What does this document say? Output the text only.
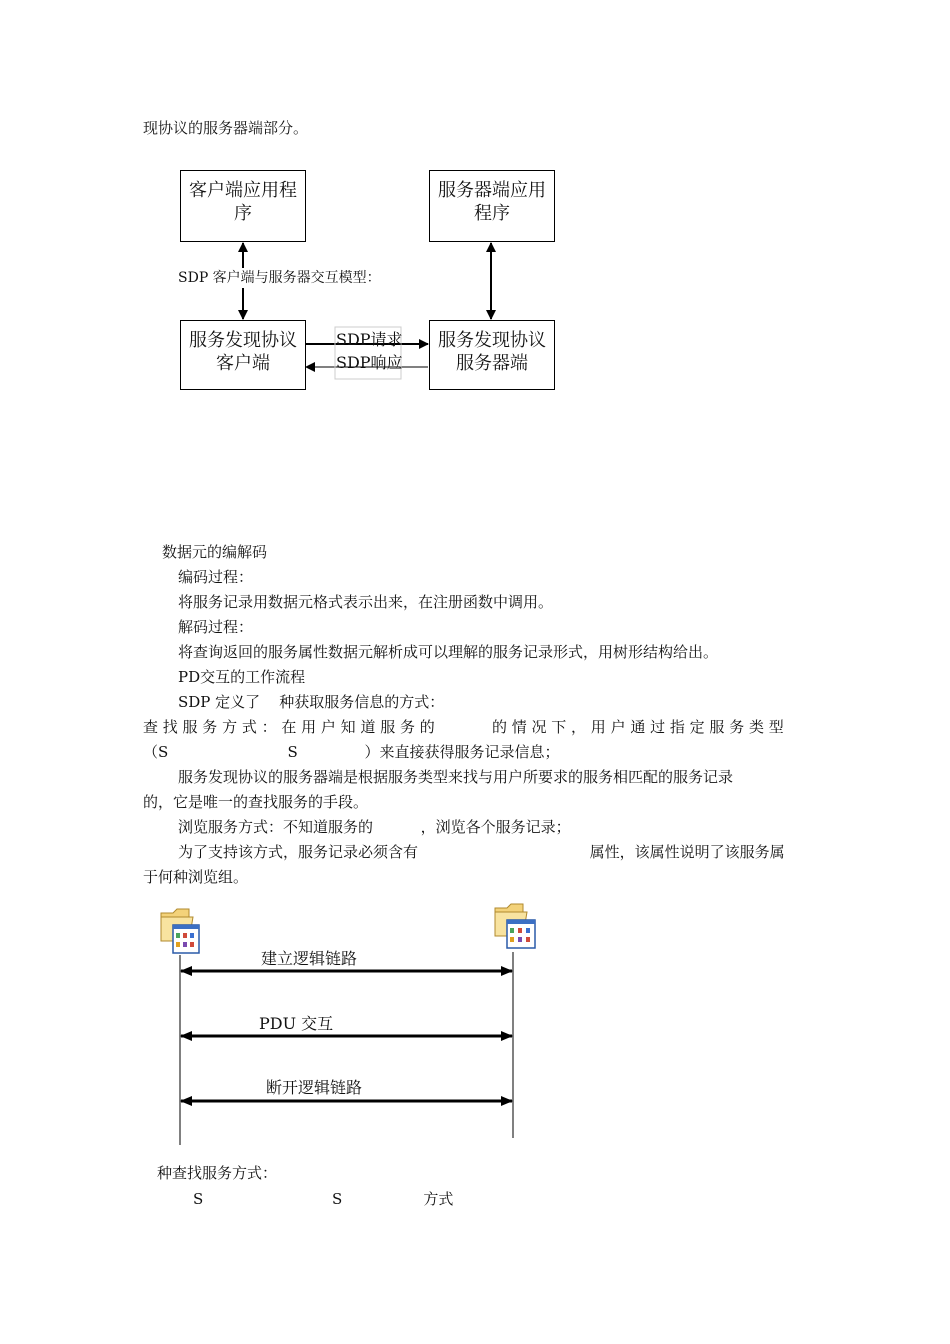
现协议的服务器端部分。
客户端应用程
序
服务器端应用
程序
SDP 客户端与服务器交互模型：
服务发现协议
客户端
服务发现协议
服务器端
SDP请求
SDP响应
数据元的编解码
编码过程：
将服务记录用数据元格式表示出来，在注册函数中调用。
解码过程：
将查询返回的服务属性数据元解析成可以理解的服务记录形式，用树形结构给出。
PD交互的工作流程
SDP 定义了    种获取服务信息的方式：
查 找 服 务 方 式 ： 在 用 户 知 道 服 务 的            的 情 况 下 ， 用 户 通 过 指 定 服 务 类 型
（S                         S              ）来直接获得服务记录信息；
服务发现协议的服务器端是根据服务类型来找与用户所要求的服务相匹配的服务记录
的，它是唯一的查找服务的手段。
浏览服务方式：不知道服务的          ，浏览各个服务记录；
为了支持该方式，服务记录必须含有                                    属性，该属性说明了该服务属
于何种浏览组。
建立逻辑链路
PDU 交互
断开逻辑链路
种查找服务方式：
S                           S                 方式
